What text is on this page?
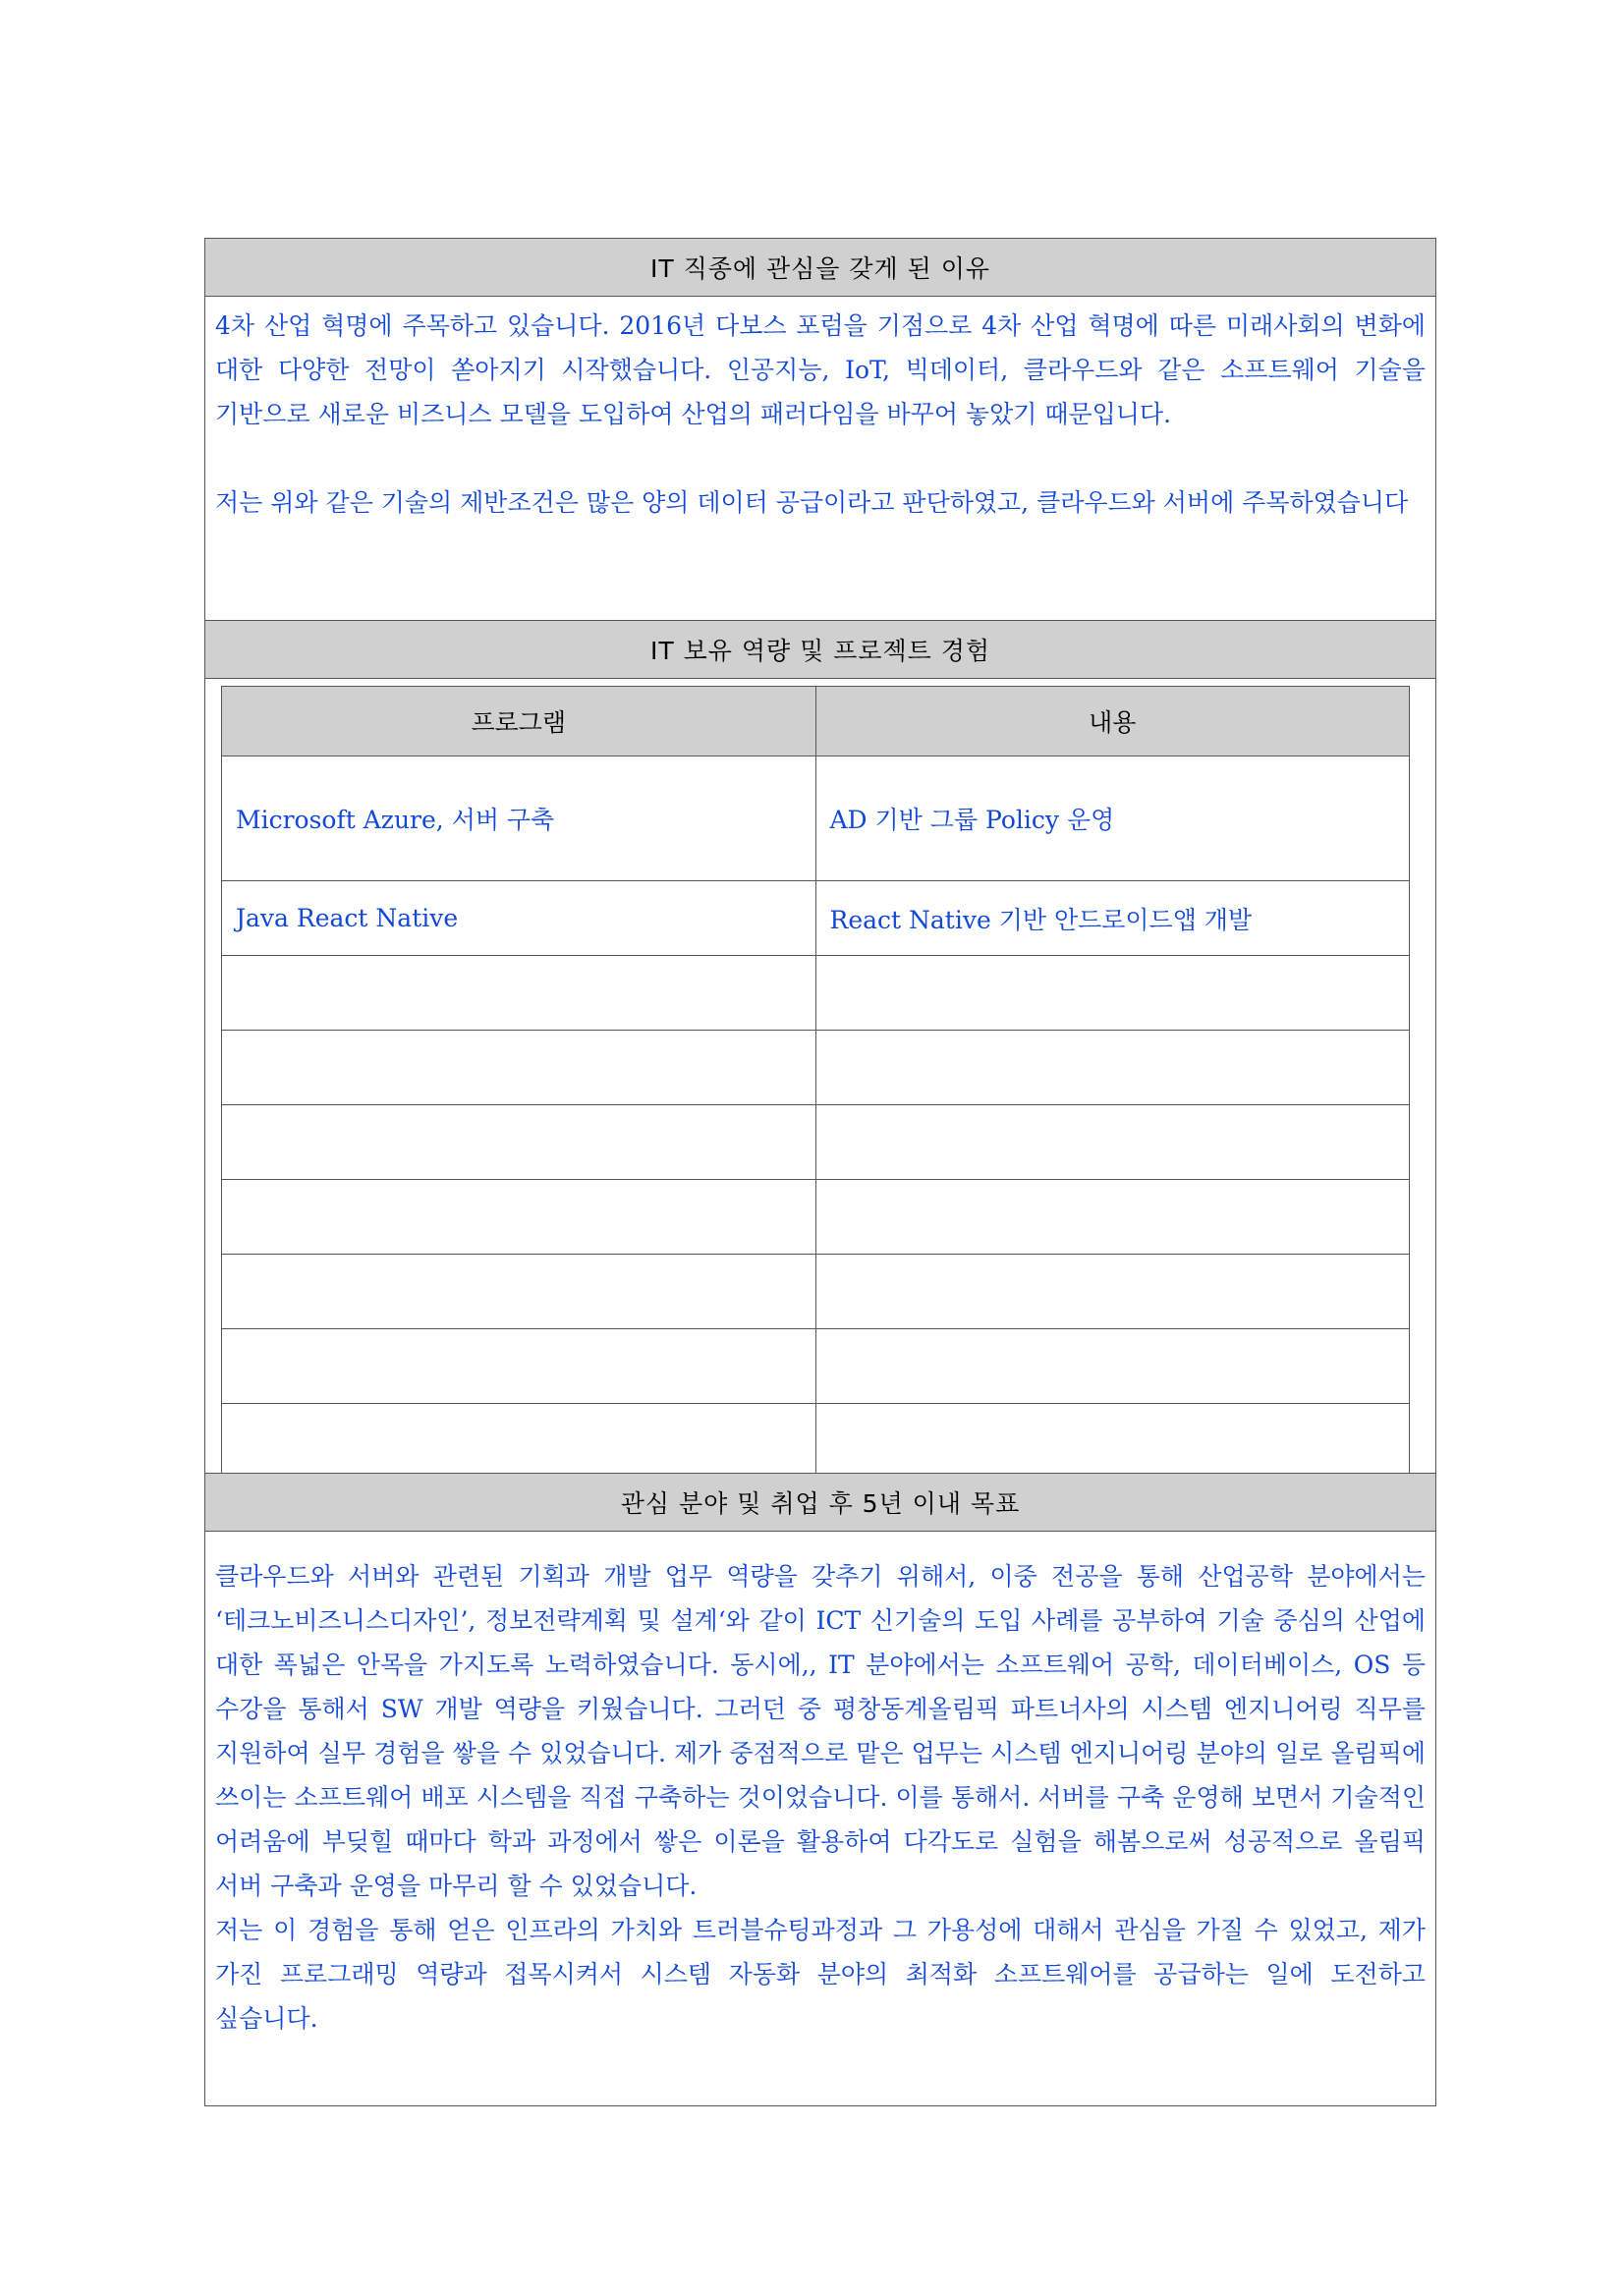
IT 직종에 관심을 갖게 된 이유

4차 산업 혁명에 주목하고 있습니다. 2016년 다보스 포럼을 기점으로 4차 산업 혁명에 따른 미래사회의 변화에 대한 다양한 전망이 쏟아지기 시작했습니다. 인공지능, IoT, 빅데이터, 클라우드와 같은 소프트웨어 기술을 기반으로 새로운 비즈니스 모델을 도입하여 산업의 패러다임을 바꾸어 놓았기 때문입니다.

저는 위와 같은 기술의 제반조건은 많은 양의 데이터 공급이라고 판단하였고, 클라우드와 서버에 주목하였습니다

IT 보유 역량 및 프로젝트 경험
프로그램	내용
Microsoft Azure, 서버 구축	AD 기반 그룹 Policy 운영
Java React Native	React Native 기반 안드로이드앱 개발

관심 분야 및 취업 후 5년 이내 목표

클라우드와 서버와 관련된 기획과 개발 업무 역량을 갖추기 위해서, 이중 전공을 통해 산업공학 분야에서는 ‘테크노비즈니스디자인’, 정보전략계획 및 설계‘와 같이 ICT 신기술의 도입 사례를 공부하여 기술 중심의 산업에 대한 폭넓은 안목을 가지도록 노력하였습니다. 동시에,, IT 분야에서는 소프트웨어 공학, 데이터베이스, OS 등 수강을 통해서 SW 개발 역량을 키웠습니다. 그러던 중 평창동계올림픽 파트너사의 시스템 엔지니어링 직무를 지원하여 실무 경험을 쌓을 수 있었습니다. 제가 중점적으로 맡은 업무는 시스템 엔지니어링 분야의 일로 올림픽에 쓰이는 소프트웨어 배포 시스템을 직접 구축하는 것이었습니다. 이를 통해서. 서버를 구축 운영해 보면서 기술적인 어려움에 부딪힐 때마다 학과 과정에서 쌓은 이론을 활용하여 다각도로 실험을 해봄으로써 성공적으로 올림픽 서버 구축과 운영을 마무리 할 수 있었습니다.

저는 이 경험을 통해 얻은 인프라의 가치와 트러블슈팅과정과 그 가용성에 대해서 관심을 가질 수 있었고, 제가 가진 프로그래밍 역량과 접목시켜서 시스템 자동화 분야의 최적화 소프트웨어를 공급하는 일에 도전하고 싶습니다.
